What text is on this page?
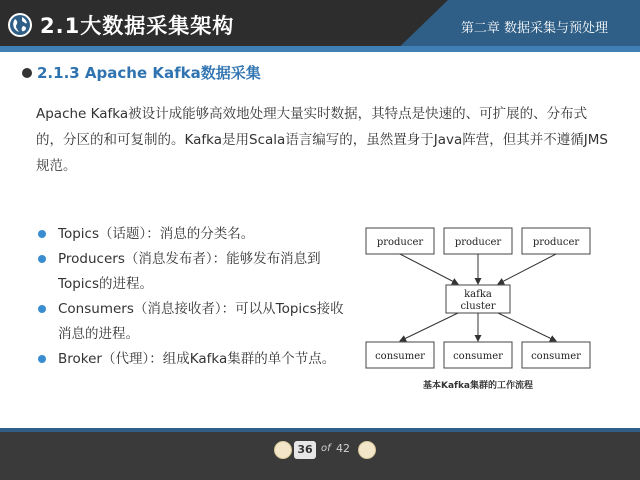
2.1大数据采集架构	第二章 数据采集与预处理
2.1.3 Apache Kafka数据采集

Apache Kafka被设计成能够高效地处理大量实时数据，其特点是快速的、可扩展的、分布式的，分区的和可复制的。Kafka是用Scala语言编写的，虽然置身于Java阵营，但其并不遵循JMS规范。

Topics（话题）：消息的分类名。
Producers（消息发布者）：能够发布消息到Topics的进程。
Consumers（消息接收者）：可以从Topics接收消息的进程。
Broker（代理）：组成Kafka集群的单个节点。
producer	producer	producer
kafka
cluster
consumer	consumer	consumer
基本Kafka集群的工作流程
36 of 42
